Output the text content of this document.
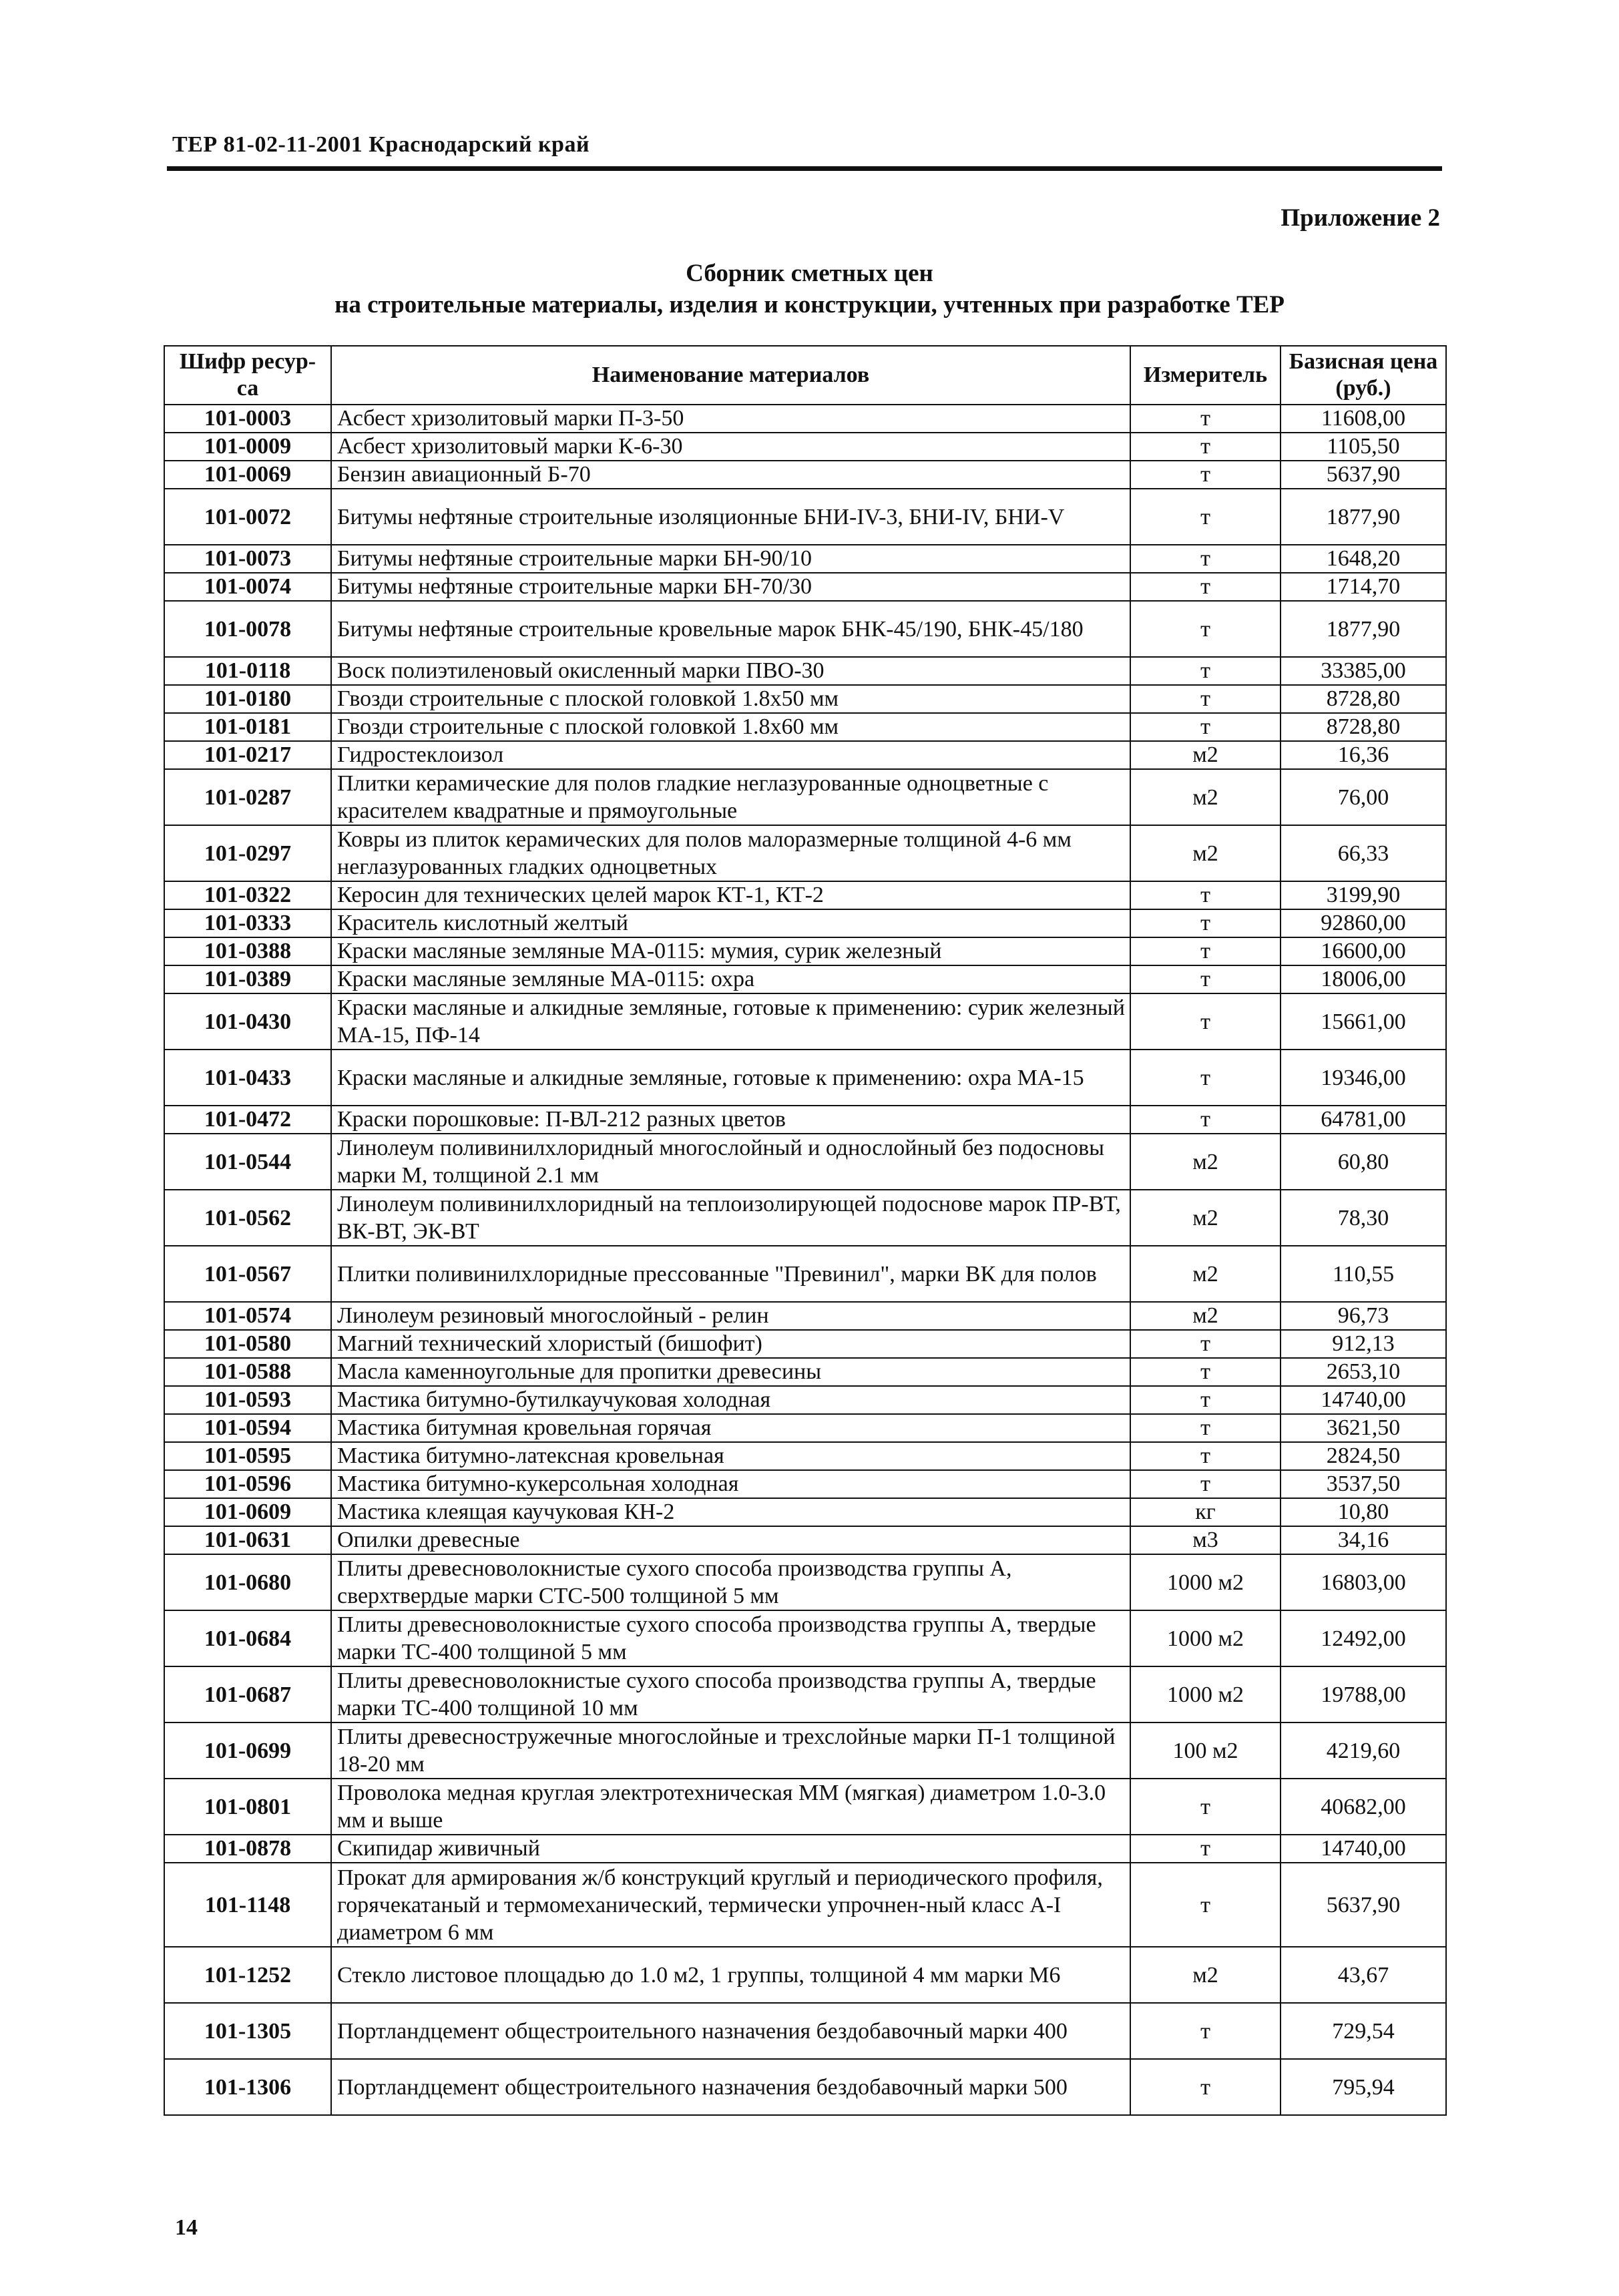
ТЕР 81-02-11-2001 Краснодарский край
Приложение 2
Сборник сметных цен
на строительные материалы, изделия и конструкции, учтенных при разработке ТЕР
Шифр ресур-са	Наименование материалов	Измеритель	Базисная цена (руб.)
101-0003	Асбест хризолитовый марки П-3-50	т	11608,00
101-0009	Асбест хризолитовый марки К-6-30	т	1105,50
101-0069	Бензин авиационный Б-70	т	5637,90
101-0072	Битумы нефтяные строительные изоляционные БНИ-IV-3, БНИ-IV, БНИ-V	т	1877,90
101-0073	Битумы нефтяные строительные марки БН-90/10	т	1648,20
101-0074	Битумы нефтяные строительные марки БН-70/30	т	1714,70
101-0078	Битумы нефтяные строительные кровельные марок БНК-45/190, БНК-45/180	т	1877,90
101-0118	Воск полиэтиленовый окисленный марки ПВО-30	т	33385,00
101-0180	Гвозди строительные с плоской головкой 1.8х50 мм	т	8728,80
101-0181	Гвозди строительные с плоской головкой 1.8х60 мм	т	8728,80
101-0217	Гидростеклоизол	м2	16,36
101-0287	Плитки керамические для полов гладкие неглазурованные одноцветные с красителем квадратные и прямоугольные	м2	76,00
101-0297	Ковры из плиток керамических для полов малоразмерные толщиной 4-6 мм неглазурованных гладких одноцветных	м2	66,33
101-0322	Керосин для технических целей марок КТ-1, КТ-2	т	3199,90
101-0333	Краситель кислотный желтый	т	92860,00
101-0388	Краски масляные земляные МА-0115: мумия, сурик железный	т	16600,00
101-0389	Краски масляные земляные МА-0115: охра	т	18006,00
101-0430	Краски масляные и алкидные земляные, готовые к применению: сурик железный МА-15, ПФ-14	т	15661,00
101-0433	Краски масляные и алкидные земляные, готовые к применению: охра МА-15	т	19346,00
101-0472	Краски порошковые: П-ВЛ-212 разных цветов	т	64781,00
101-0544	Линолеум поливинилхлоридный многослойный и однослойный без подосновы марки М, толщиной 2.1 мм	м2	60,80
101-0562	Линолеум поливинилхлоридный на теплоизолирующей подоснове марок ПР-ВТ, ВК-ВТ, ЭК-ВТ	м2	78,30
101-0567	Плитки поливинилхлоридные прессованные "Превинил", марки ВК для полов	м2	110,55
101-0574	Линолеум резиновый многослойный - релин	м2	96,73
101-0580	Магний технический хлористый (бишофит)	т	912,13
101-0588	Масла каменноугольные для пропитки древесины	т	2653,10
101-0593	Мастика битумно-бутилкаучуковая холодная	т	14740,00
101-0594	Мастика битумная кровельная горячая	т	3621,50
101-0595	Мастика битумно-латексная кровельная	т	2824,50
101-0596	Мастика битумно-кукерсольная холодная	т	3537,50
101-0609	Мастика клеящая каучуковая КН-2	кг	10,80
101-0631	Опилки древесные	м3	34,16
101-0680	Плиты древесноволокнистые сухого способа производства группы А, сверхтвердые марки СТС-500 толщиной 5 мм	1000 м2	16803,00
101-0684	Плиты древесноволокнистые сухого способа производства группы А, твердые марки ТС-400 толщиной 5 мм	1000 м2	12492,00
101-0687	Плиты древесноволокнистые сухого способа производства группы А, твердые марки ТС-400 толщиной 10 мм	1000 м2	19788,00
101-0699	Плиты древесностружечные многослойные и трехслойные марки П-1 толщиной 18-20 мм	100 м2	4219,60
101-0801	Проволока медная круглая электротехническая ММ (мягкая) диаметром 1.0-3.0 мм и выше	т	40682,00
101-0878	Скипидар живичный	т	14740,00
101-1148	Прокат для армирования ж/б конструкций круглый и периодического профиля, горячекатаный и термомеханический, термически упрочнен-ный класс А-I диаметром 6 мм	т	5637,90
101-1252	Стекло листовое площадью до 1.0 м2, 1 группы, толщиной 4 мм марки М6	м2	43,67
101-1305	Портландцемент общестроительного назначения бездобавочный марки 400	т	729,54
101-1306	Портландцемент общестроительного назначения бездобавочный марки 500	т	795,94
14
